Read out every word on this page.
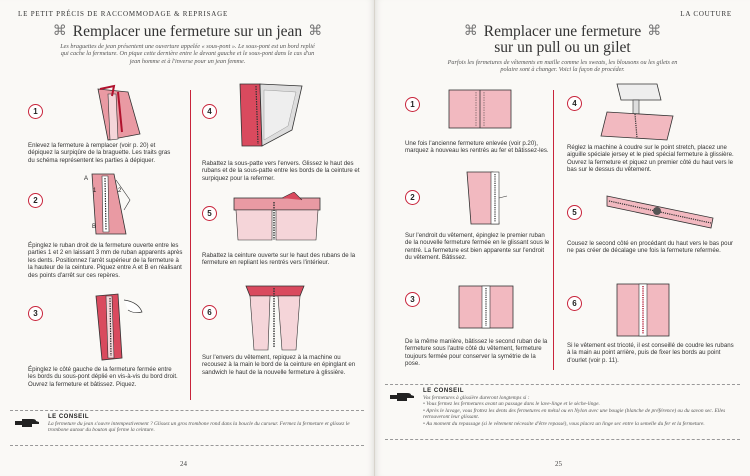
LE PETIT PRÉCIS DE RACCOMMODAGE & REPRISAGE
⌘ Remplacer une fermeture sur un jean ⌘
Les braguettes de jean présentent une ouverture appelée « sous-pont ». Le sous-pont est un bord replié qui cache la fermeture. On pique cette dernière entre le devant gauche et le sous-pont dans le cas d'un jean homme et à l'inverse pour un jean femme.
1
Enlevez la fermeture à remplacer (voir p. 20) et dépiquez la surpiqûre de la braguette. Les traits gras du schéma représentent les parties à dépiquer.
2
A
1	2
B
Épinglez le ruban droit de la fermeture ouverte entre les parties 1 et 2 en laissant 3 mm de ruban apparents après les dents. Positionnez l'arrêt supérieur de la fermeture à la hauteur de la ceinture. Piquez entre A et B en réalisant des points d'arrêt sur ces repères.
3
Épinglez le côté gauche de la fermeture fermée entre les bords du sous-pont déplié en vis-à-vis du bord droit. Ouvrez la fermeture et bâtissez. Piquez.
4
Rabattez la sous-patte vers l'envers. Glissez le haut des rubans et de la sous-patte entre les bords de la ceinture et surpiquez pour la refermer.
5
Rabattez la ceinture ouverte sur le haut des rubans de la fermeture en repliant les rentrés vers l'intérieur.
6
Sur l'envers du vêtement, repiquez à la machine ou recousez à la main le bord de la ceinture en épinglant en sandwich le haut de la nouvelle fermeture à glissière.
LE CONSEIL
La fermeture du jean s'ouvre intempestivement ? Glissez un gros trombone rond dans la boucle du curseur. Fermez la fermeture et glissez le trombone autour du bouton qui ferme la ceinture.
24
LA COUTURE
⌘ Remplacer une fermeture ⌘
sur un pull ou un gilet
Parfois les fermetures de vêtements en maille comme les sweats, les blousons ou les gilets en polaire sont à changer. Voici la façon de procéder.
1
Une fois l'ancienne fermeture enlevée (voir p.20), marquez à nouveau les rentrés au fer et bâtissez-les.
2
Sur l'endroit du vêtement, épinglez le premier ruban de la nouvelle fermeture fermée en le glissant sous le rentré. La fermeture est bien apparente sur l'endroit du vêtement. Bâtissez.
3
De la même manière, bâtissez le second ruban de la fermeture sous l'autre côté du vêtement, fermeture toujours fermée pour conserver la symétrie de la pose.
4
Réglez la machine à coudre sur le point stretch, placez une aiguille spéciale jersey et le pied spécial fermeture à glissière. Ouvrez la fermeture et piquez un premier côté du haut vers le bas sur le dessus du vêtement.
5
Cousez le second côté en procédant du haut vers le bas pour ne pas créer de décalage une fois la fermeture refermée.
6
Si le vêtement est tricoté, il est conseillé de coudre les rubans à la main au point arrière, puis de fixer les bords au point d'ourlet (voir p. 11).
LE CONSEIL
Vos fermetures à glissière dureront longtemps si :
• Vous fermez les fermetures avant un passage dans le lave-linge et le sèche-linge.
• Après le lavage, vous frottez les dents des fermetures en métal ou en Nylon avec une bougie (blanche de préférence) ou du savon sec. Elles retrouveront leur glissant.
• Au moment du repassage (si le vêtement nécessite d'être repassé), vous placez un linge sec entre la semelle du fer et la fermeture.
25
